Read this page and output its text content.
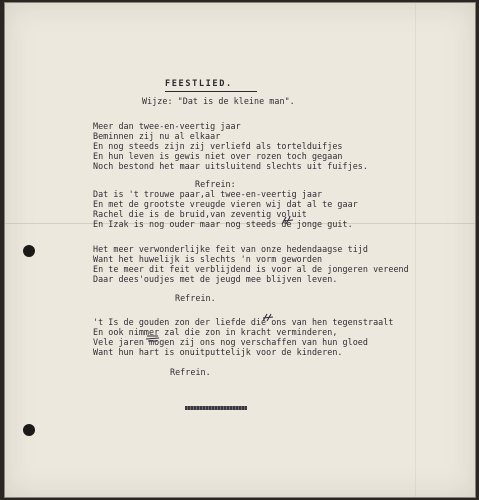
FEESTLIED.
Wijze: "Dat is de kleine man".
Meer dan twee-en-veertig jaar
Beminnen zij nu al elkaar
En nog steeds zijn zij verliefd als tortelduifjes
En hun leven is gewis niet over rozen toch gegaan
Noch bestond het maar uitsluitend slechts uit fuifjes.
Refrein:
Dat is 't trouwe paar,al twee-en-veertig jaar
En met de grootste vreugde vieren wij dat al te gaar
Rachel die is de bruid,van zeventig voluit
En Izak is nog ouder maar nog steeds de jonge guit.
Het meer verwonderlijke feit van onze hedendaagse tijd
Want het huwelijk is slechts 'n vorm geworden
En te meer dit feit verblijdend is voor al de jongeren vereend
Daar dees'oudjes met de jeugd mee blijven leven.
Refrein.
't Is de gouden zon der liefde die ons van hen tegenstraalt
En ook nimmer zal die zon in kracht verminderen,
Vele jaren mogen zij ons nog verschaffen van hun gloed
Want hun hart is onuitputtelijk voor de kinderen.
Refrein.
